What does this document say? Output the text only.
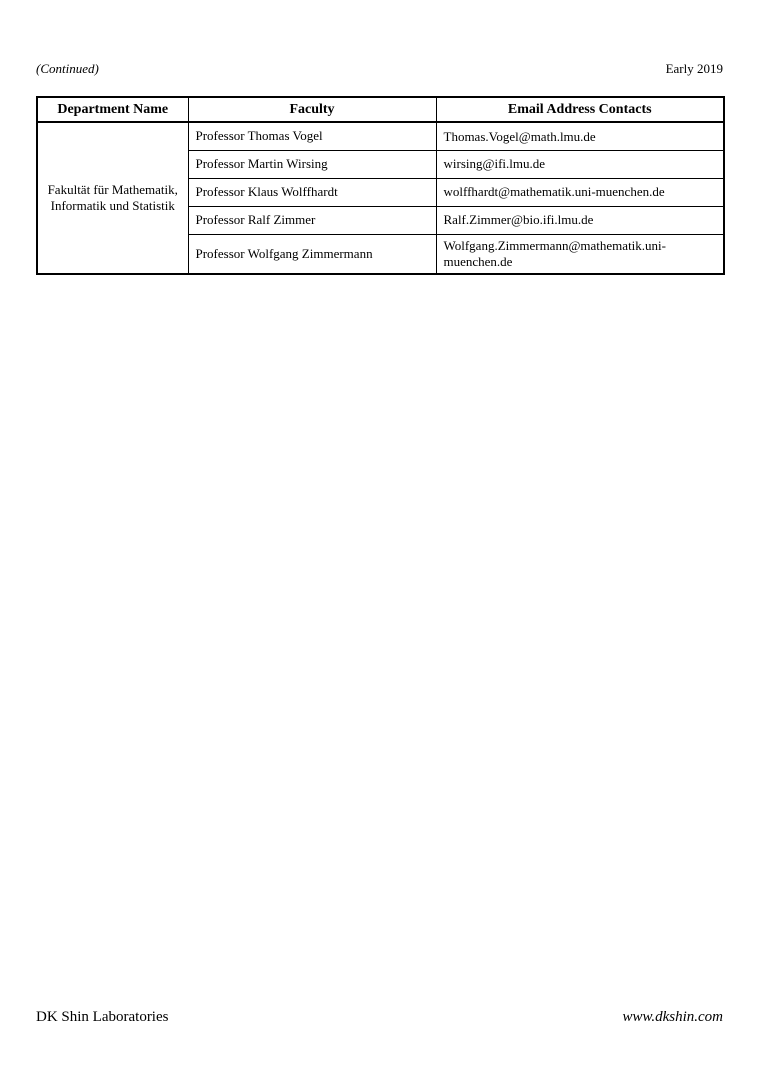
(Continued)	Early 2019
Department Name	Faculty	Email Address Contacts
Fakultät für Mathematik, Informatik und Statistik	Professor Thomas Vogel	Thomas.Vogel@math.lmu.de
	Professor Martin Wirsing	wirsing@ifi.lmu.de
	Professor Klaus Wolffhardt	wolffhardt@mathematik.uni-muenchen.de
	Professor Ralf Zimmer	Ralf.Zimmer@bio.ifi.lmu.de
	Professor Wolfgang Zimmermann	Wolfgang.Zimmermann@mathematik.uni-muenchen.de
DK Shin Laboratories	www.dkshin.com
